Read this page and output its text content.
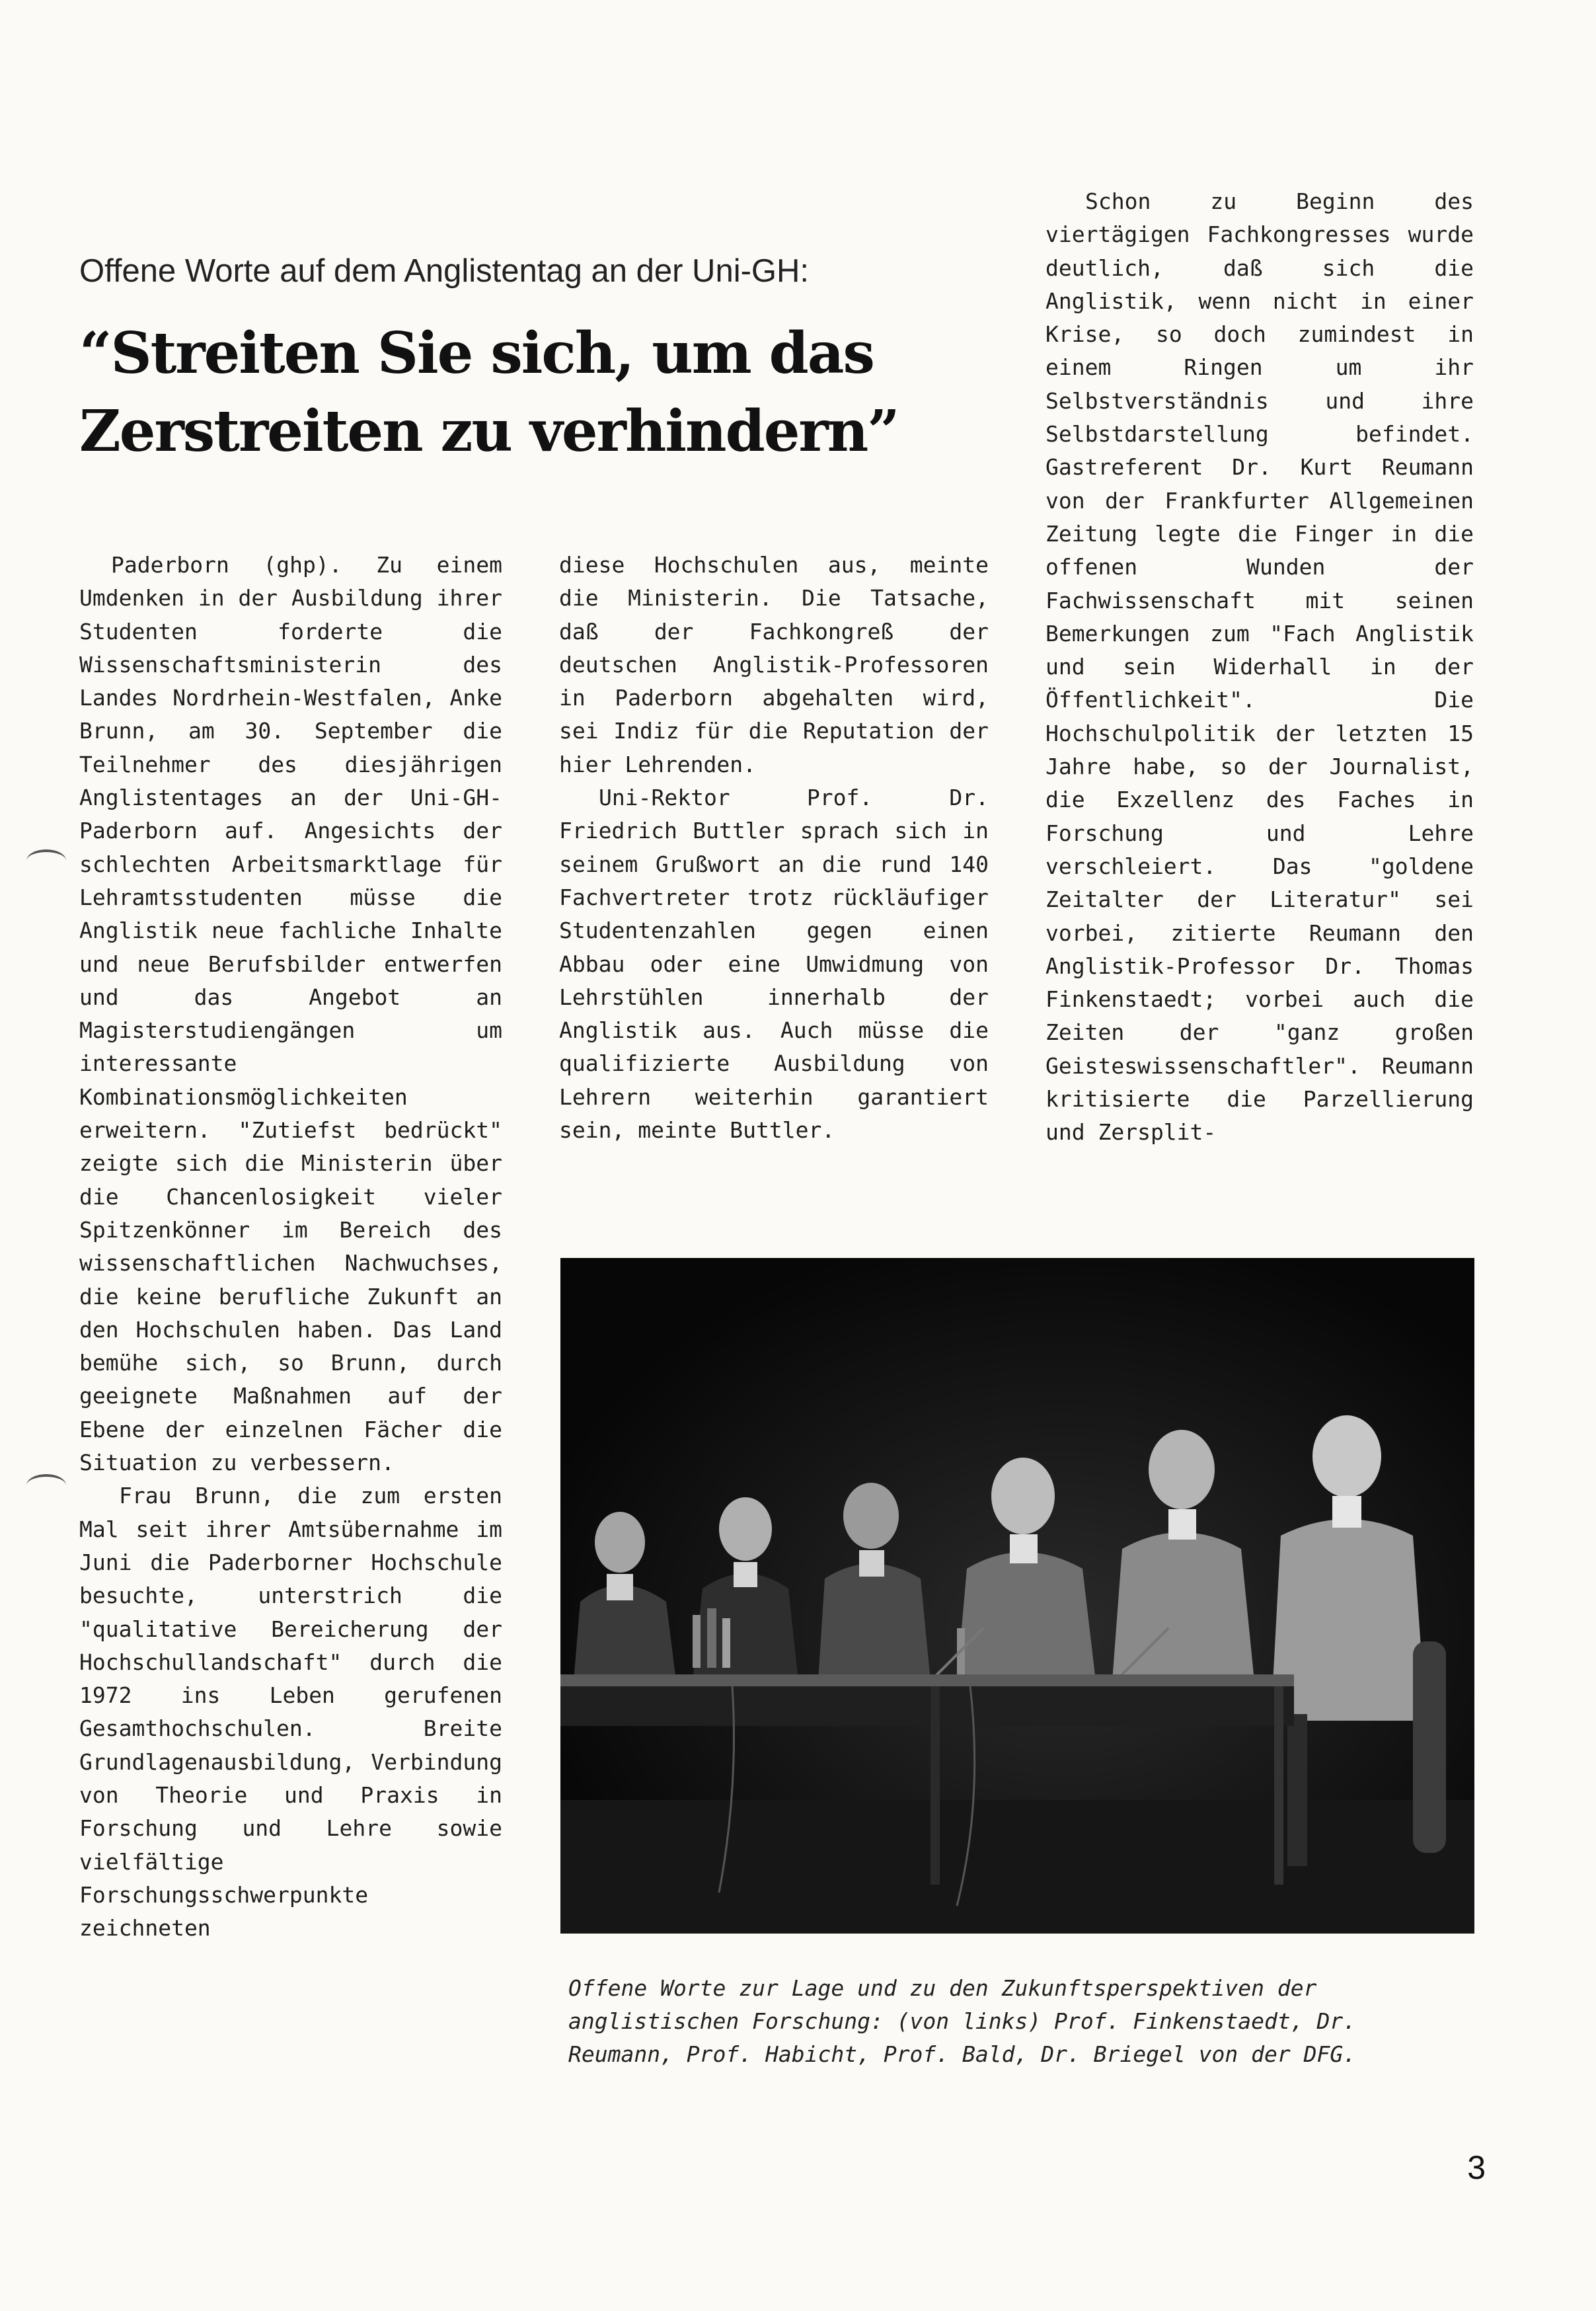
Offene Worte auf dem Anglistentag an der Uni-GH:
“Streiten Sie sich, um das
Zerstreiten zu verhindern”

Paderborn (ghp). Zu einem Umdenken in der Ausbildung ihrer Studenten forderte die Wissenschaftsministerin des Landes Nordrhein-Westfalen, Anke Brunn, am 30. September die Teilnehmer des diesjährigen Anglistentages an der Uni-GH-Paderborn auf. Angesichts der schlechten Arbeitsmarktlage für Lehramtsstudenten müsse die Anglistik neue fachliche Inhalte und neue Berufsbilder entwerfen und das Angebot an Magisterstudiengängen um interessante Kombinationsmöglichkeiten erweitern. "Zutiefst bedrückt" zeigte sich die Ministerin über die Chancenlosigkeit vieler Spitzenkönner im Bereich des wissenschaftlichen Nachwuchses, die keine berufliche Zukunft an den Hochschulen haben. Das Land bemühe sich, so Brunn, durch geeignete Maßnahmen auf der Ebene der einzelnen Fächer die Situation zu verbessern.

Frau Brunn, die zum ersten Mal seit ihrer Amtsübernahme im Juni die Paderborner Hochschule besuchte, unterstrich die "qualitative Bereicherung der Hochschullandschaft" durch die 1972 ins Leben gerufenen Gesamthochschulen. Breite Grundlagenausbildung, Verbindung von Theorie und Praxis in Forschung und Lehre sowie vielfältige Forschungsschwerpunkte zeichneten

diese Hochschulen aus, meinte die Ministerin. Die Tatsache, daß der Fachkongreß der deutschen Anglistik-Professoren in Paderborn abgehalten wird, sei Indiz für die Reputation der hier Lehrenden.

Uni-Rektor Prof. Dr. Friedrich Buttler sprach sich in seinem Grußwort an die rund 140 Fachvertreter trotz rückläufiger Studentenzahlen gegen einen Abbau oder eine Umwidmung von Lehrstühlen innerhalb der Anglistik aus. Auch müsse die qualifizierte Ausbildung von Lehrern weiterhin garantiert sein, meinte Buttler.

Schon zu Beginn des viertägigen Fachkongresses wurde deutlich, daß sich die Anglistik, wenn nicht in einer Krise, so doch zumindest in einem Ringen um ihr Selbstverständnis und ihre Selbstdarstellung befindet. Gastreferent Dr. Kurt Reumann von der Frankfurter Allgemeinen Zeitung legte die Finger in die offenen Wunden der Fachwissenschaft mit seinen Bemerkungen zum "Fach Anglistik und sein Widerhall in der Öffentlichkeit". Die Hochschulpolitik der letzten 15 Jahre habe, so der Journalist, die Exzellenz des Faches in Forschung und Lehre verschleiert. Das "goldene Zeitalter der Literatur" sei vorbei, zitierte Reumann den Anglistik-Professor Dr. Thomas Finkenstaedt; vorbei auch die Zeiten der "ganz großen Geisteswissenschaftler". Reumann kritisierte die Parzellierung und Zersplit-

Offene Worte zur Lage und zu den Zukunftsperspektiven der anglistischen Forschung: (von links) Prof. Finkenstaedt, Dr. Reumann, Prof. Habicht, Prof. Bald, Dr. Briegel von der DFG.

3
